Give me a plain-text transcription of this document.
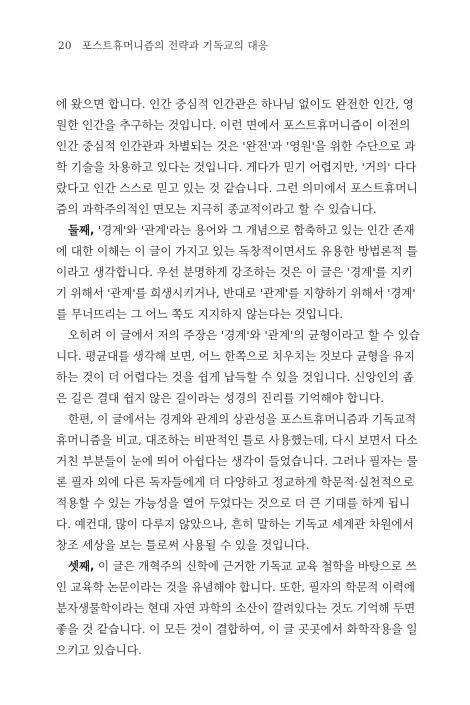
20 포스트휴머니즘의 전략과 기독교의 대응
에 왔으면 합니다. 인간 중심적 인간관은 하나님 없이도 완전한 인간, 영
원한 인간을 추구하는 것입니다. 이런 면에서 포스트휴머니즘이 이전의
인간 중심적 인간관과 차별되는 것은 '완전'과 '영원'을 위한 수단으로 과
학 기술을 차용하고 있다는 것입니다. 게다가 믿기 어렵지만, '거의' 다다
랐다고 인간 스스로 믿고 있는 것 같습니다. 그런 의미에서 포스트휴머니
즘의 과학주의적인 면모는 지극히 종교적이라고 할 수 있습니다.
둘째, '경계'와 '관계'라는 용어와 그 개념으로 함축하고 있는 인간 존재
에 대한 이해는 이 글이 가지고 있는 독창적이면서도 유용한 방법론적 틀
이라고 생각합니다. 우선 분명하게 강조하는 것은 이 글은 '경계'를 지키
기 위해서 '관계'를 희생시키거나, 반대로 '관계'를 지향하기 위해서 '경계'
를 무너뜨리는 그 어느 쪽도 지지하지 않는다는 것입니다.
오히려 이 글에서 저의 주장은 '경계'와 '관계'의 균형이라고 할 수 있습
니다. 평균대를 생각해 보면, 어느 한쪽으로 치우치는 것보다 균형을 유지
하는 것이 더 어렵다는 것을 쉽게 납득할 수 있을 것입니다. 신앙인의 좁
은 길은 결대 쉽지 않은 길이라는 성경의 진리를 기억해야 합니다.
한편, 이 글에서는 경계와 관계의 상관성을 포스트휴머니즘과 기독교적
휴머니즘을 비교, 대조하는 비판적인 틀로 사용했는데, 다시 보면서 다소
거친 부분들이 눈에 띄어 아쉽다는 생각이 들었습니다. 그러나 필자는 물
론 필자 외에 다른 독자들에게 더 다양하고 정교하게 학문적·실천적으로
적용할 수 있는 가능성을 열어 두었다는 것으로 더 큰 기대를 하게 됩니
다. 예컨대, 많이 다루지 않았으나, 흔히 말하는 기독교 세계관 차원에서
창조 세상을 보는 틀로써 사용될 수 있을 것입니다.
셋째, 이 글은 개혁주의 신학에 근거한 기독교 교육 철학을 바탕으로 쓰
인 교육학 논문이라는 것을 유념해야 합니다. 또한, 필자의 학문적 이력에
분자생물학이라는 현대 자연 과학의 소산이 깔려있다는 것도 기억해 두면
좋을 것 같습니다. 이 모든 것이 결합하여, 이 글 곳곳에서 화학작용을 일
으키고 있습니다.
